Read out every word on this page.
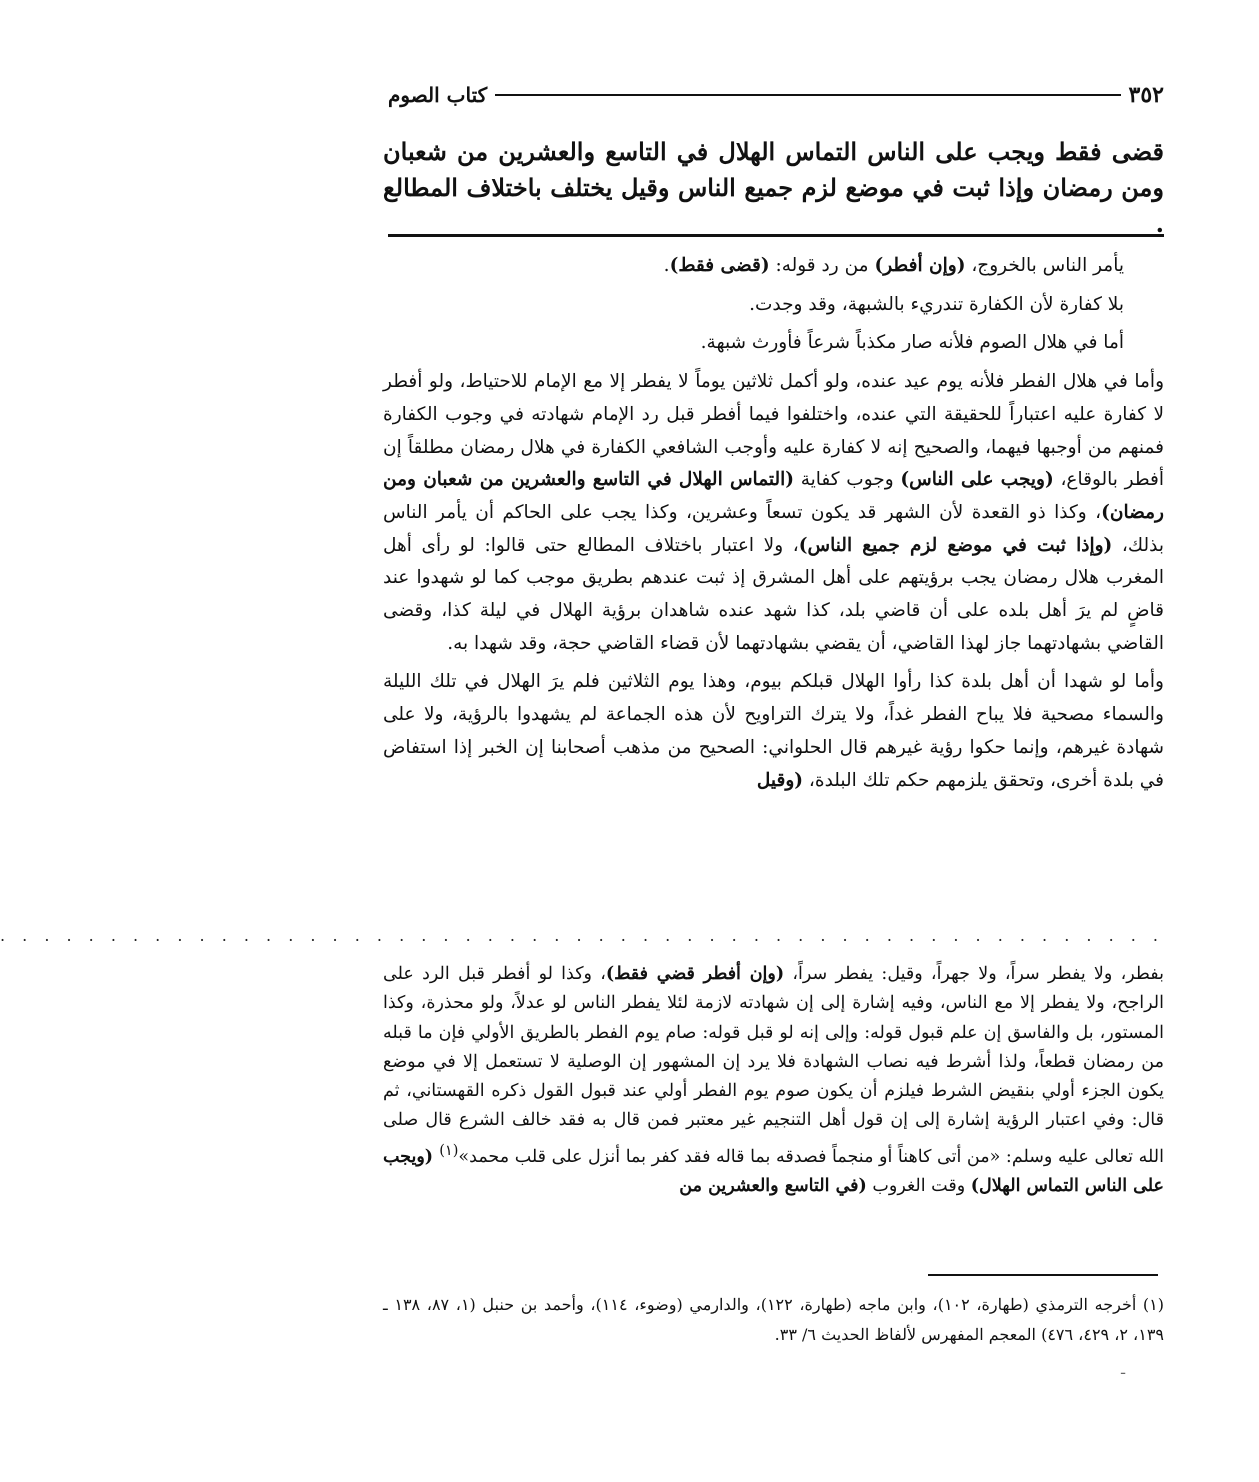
٣٥٢
كتاب الصوم
قضى فقط ويجب على الناس التماس الهلال في التاسع والعشرين من شعبان ومن رمضان وإذا ثبت في موضع لزم جميع الناس وقيل يختلف باختلاف المطالع .

يأمر الناس بالخروج، (وإن أفطر) من رد قوله: (قضى فقط).

بلا كفارة لأن الكفارة تندريء بالشبهة، وقد وجدت.

أما في هلال الصوم فلأنه صار مكذباً شرعاً فأورث شبهة.

وأما في هلال الفطر فلأنه يوم عيد عنده، ولو أكمل ثلاثين يوماً لا يفطر إلا مع الإمام للاحتياط، ولو أفطر لا كفارة عليه اعتباراً للحقيقة التي عنده، واختلفوا فيما أفطر قبل رد الإمام شهادته في وجوب الكفارة فمنهم من أوجبها فيهما، والصحيح إنه لا كفارة عليه وأوجب الشافعي الكفارة في هلال رمضان مطلقاً إن أفطر بالوقاع، (ويجب على الناس) وجوب كفاية (التماس الهلال في التاسع والعشرين من شعبان ومن رمضان)، وكذا ذو القعدة لأن الشهر قد يكون تسعاً وعشرين، وكذا يجب على الحاكم أن يأمر الناس بذلك، (وإذا ثبت في موضع لزم جميع الناس)، ولا اعتبار باختلاف المطالع حتى قالوا: لو رأى أهل المغرب هلال رمضان يجب برؤيتهم على أهل المشرق إذ ثبت عندهم بطريق موجب كما لو شهدوا عند قاضٍ لم يرَ أهل بلده على أن قاضي بلد، كذا شهد عنده شاهدان برؤية الهلال في ليلة كذا، وقضى القاضي بشهادتهما جاز لهذا القاضي، أن يقضي بشهادتهما لأن قضاء القاضي حجة، وقد شهدا به.

وأما لو شهدا أن أهل بلدة كذا رأوا الهلال قبلكم بيوم، وهذا يوم الثلاثين فلم يرَ الهلال في تلك الليلة والسماء مصحية فلا يباح الفطر غداً، ولا يترك التراويح لأن هذه الجماعة لم يشهدوا بالرؤية، ولا على شهادة غيرهم، وإنما حكوا رؤية غيرهم قال الحلواني: الصحيح من مذهب أصحابنا إن الخبر إذا استفاض في بلدة أخرى، وتحقق يلزمهم حكم تلك البلدة، (وقيل

. . . . . . . . . . . . . . . . . . . . . . . . . . . . . . . . . . . . . . . . . . . . . . . . . . . . .

بفطر، ولا يفطر سراً، ولا جهراً، وقيل: يفطر سراً، (وإن أفطر قضي فقط)، وكذا لو أفطر قبل الرد على الراجح، ولا يفطر إلا مع الناس، وفيه إشارة إلى إن شهادته لازمة لئلا يفطر الناس لو عدلاً، ولو محذرة، وكذا المستور، بل والفاسق إن علم قبول قوله: وإلى إنه لو قبل قوله: صام يوم الفطر بالطريق الأولي فإن ما قبله من رمضان قطعاً، ولذا أشرط فيه نصاب الشهادة فلا يرد إن المشهور إن الوصلية لا تستعمل إلا في موضع يكون الجزء أولي بنقيض الشرط فيلزم أن يكون صوم يوم الفطر أولي عند قبول القول ذكره القهستاني، ثم قال: وفي اعتبار الرؤية إشارة إلى إن قول أهل التنجيم غير معتبر فمن قال به فقد خالف الشرع قال صلى الله تعالى عليه وسلم: «من أتى كاهناً أو منجماً فصدقه بما قاله فقد كفر بما أنزل على قلب محمد»$^{(١)}$ (ويجب على الناس التماس الهلال) وقت الغروب (في التاسع والعشرين من

(١) أخرجه الترمذي (طهارة، ١٠٢)، وابن ماجه (طهارة، ١٢٢)، والدارمي (وضوء، ١١٤)، وأحمد بن حنبل (١، ٨٧، ١٣٨ ـ ١٣٩، ٢، ٤٢٩، ٤٧٦) المعجم المفهرس لألفاظ الحديث ٦/ ٣٣.

ـ
